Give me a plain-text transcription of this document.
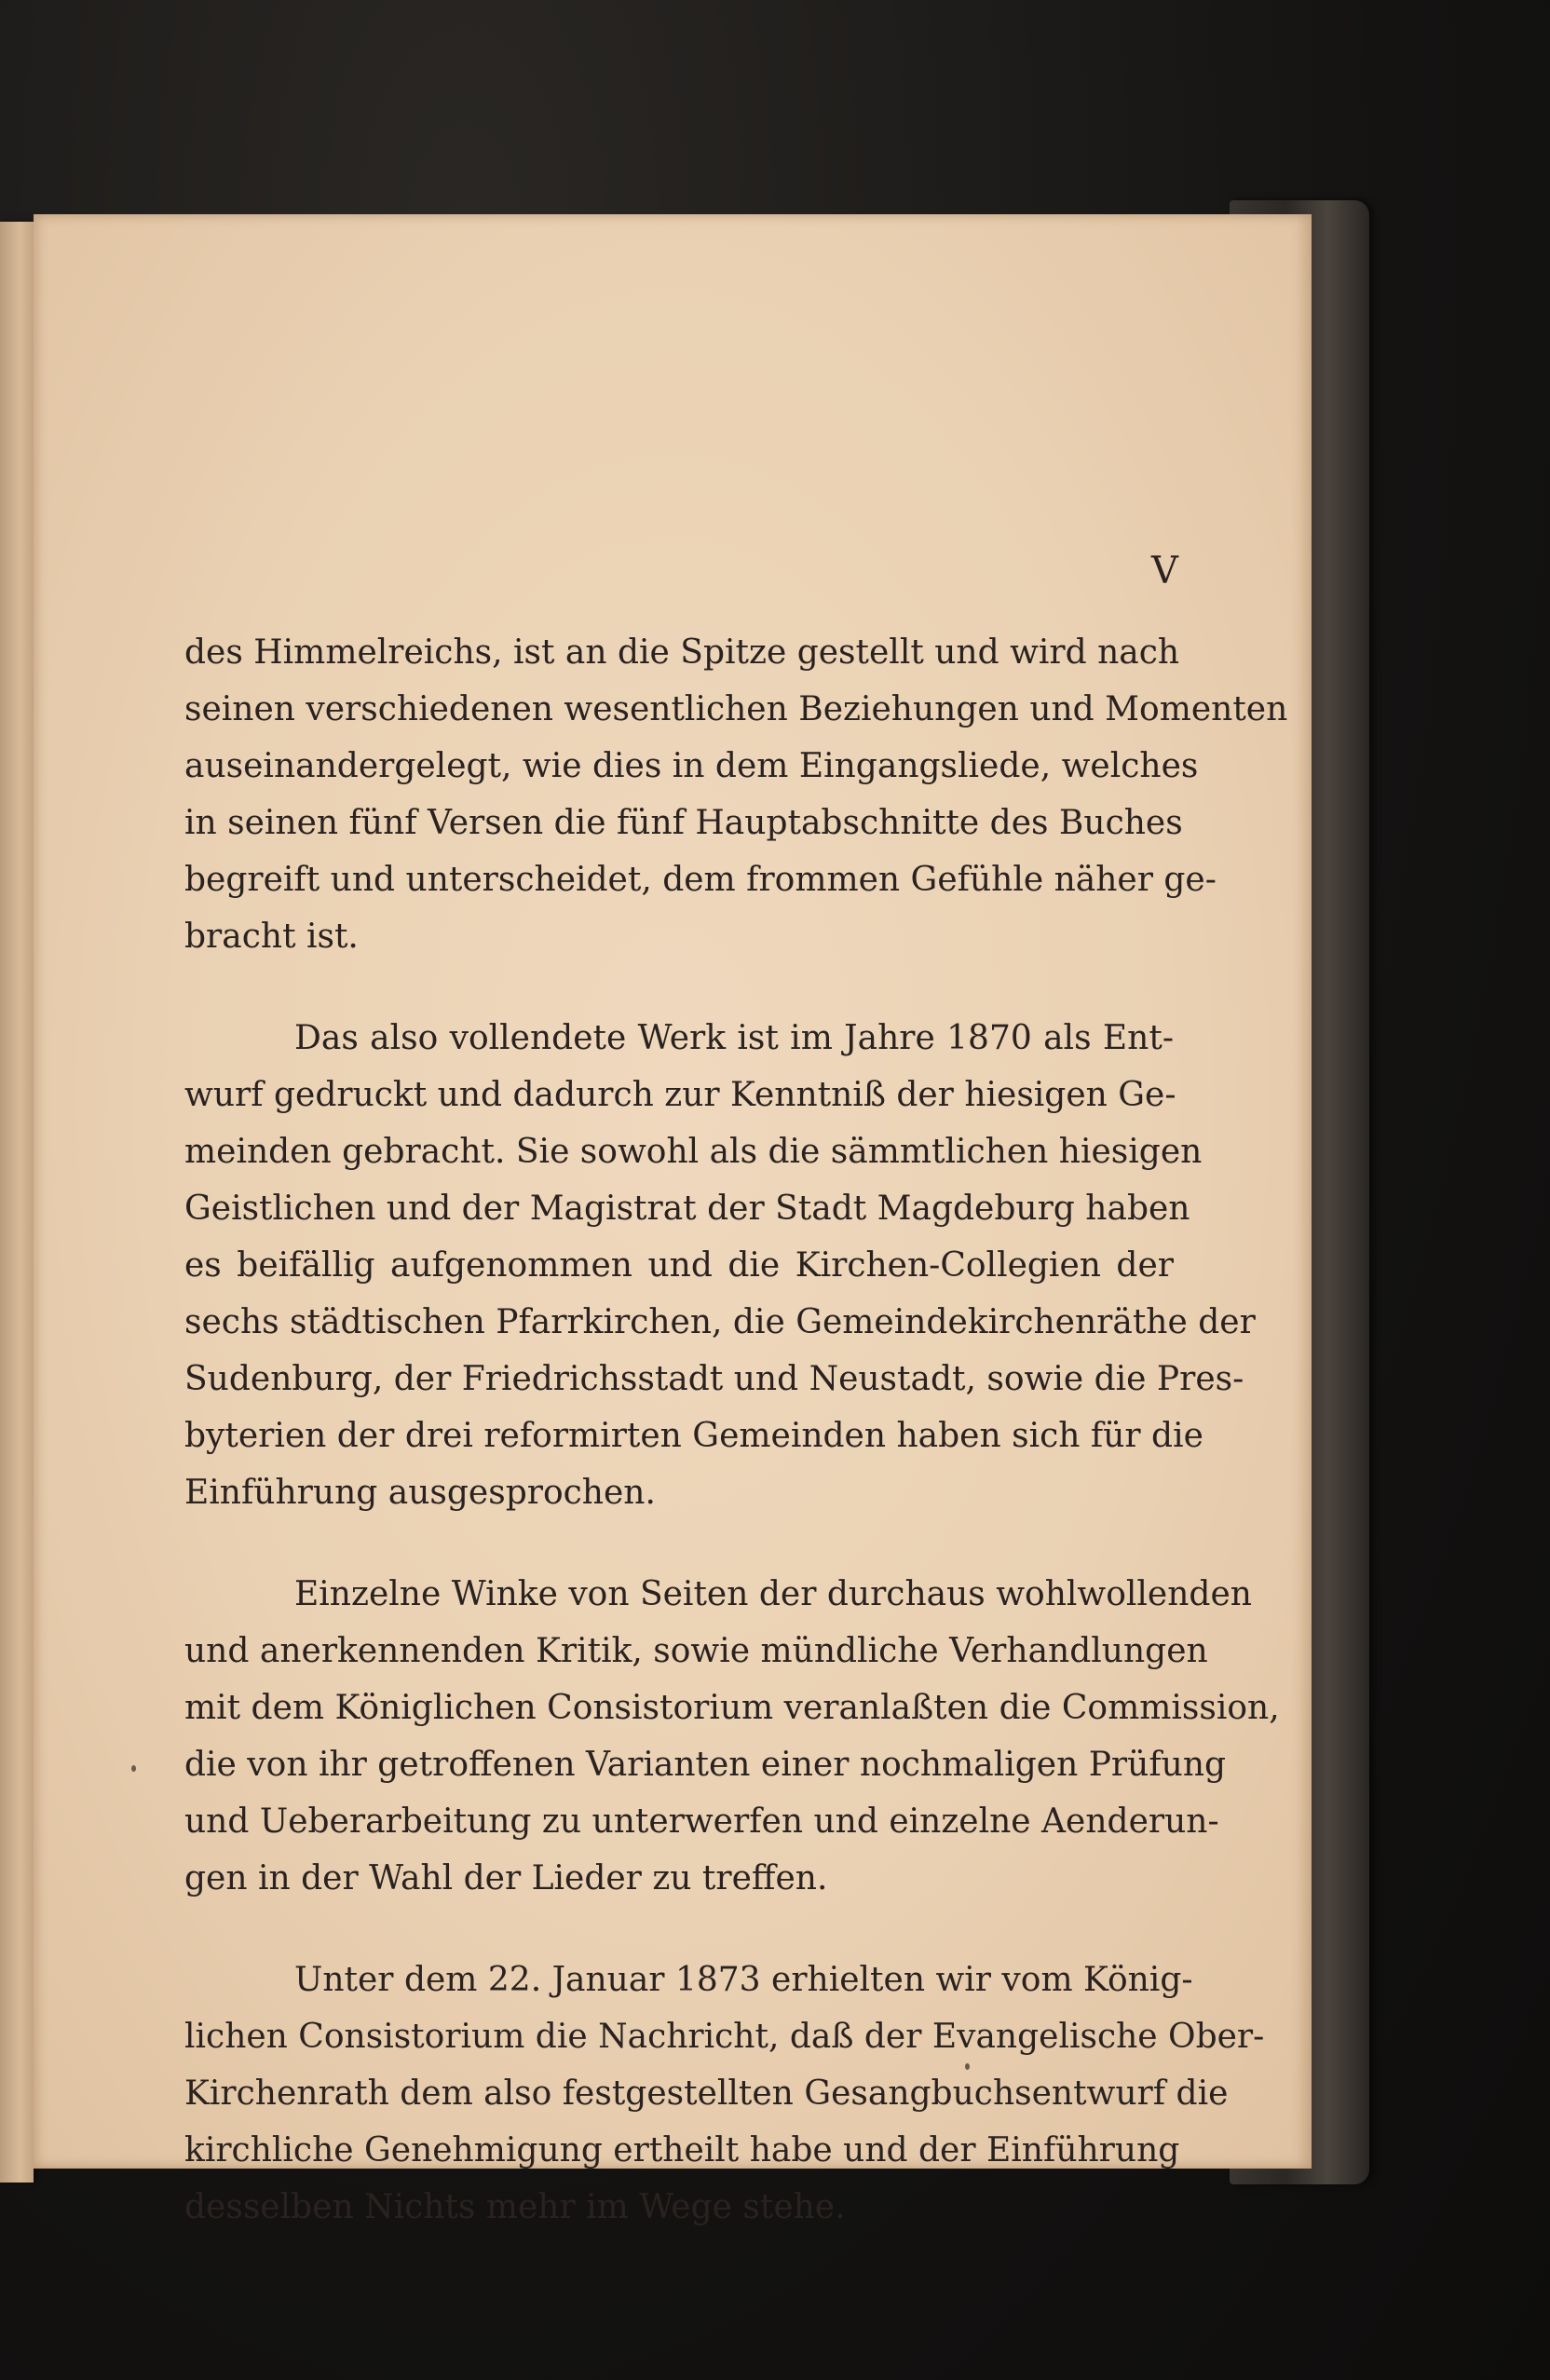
V
des Himmelreichs, ist an die Spitze gestellt und wird nach
seinen verschiedenen wesentlichen Beziehungen und Momenten
auseinandergelegt, wie dies in dem Eingangsliede, welches
in seinen fünf Versen die fünf Hauptabschnitte des Buches
begreift und unterscheidet, dem frommen Gefühle näher ge-
bracht ist.
Das also vollendete Werk ist im Jahre 1870 als Ent-
wurf gedruckt und dadurch zur Kenntniß der hiesigen Ge-
meinden gebracht. Sie sowohl als die sämmtlichen hiesigen
Geistlichen und der Magistrat der Stadt Magdeburg haben
es beifällig aufgenommen und die Kirchen-Collegien der
sechs städtischen Pfarrkirchen, die Gemeindekirchenräthe der
Sudenburg, der Friedrichsstadt und Neustadt, sowie die Pres-
byterien der drei reformirten Gemeinden haben sich für die
Einführung ausgesprochen.
Einzelne Winke von Seiten der durchaus wohlwollenden
und anerkennenden Kritik, sowie mündliche Verhandlungen
mit dem Königlichen Consistorium veranlaßten die Commission,
die von ihr getroffenen Varianten einer nochmaligen Prüfung
und Ueberarbeitung zu unterwerfen und einzelne Aenderun-
gen in der Wahl der Lieder zu treffen.
Unter dem 22. Januar 1873 erhielten wir vom König-
lichen Consistorium die Nachricht, daß der Evangelische Ober-
Kirchenrath dem also festgestellten Gesangbuchsentwurf die
kirchliche Genehmigung ertheilt habe und der Einführung
desselben Nichts mehr im Wege stehe.
